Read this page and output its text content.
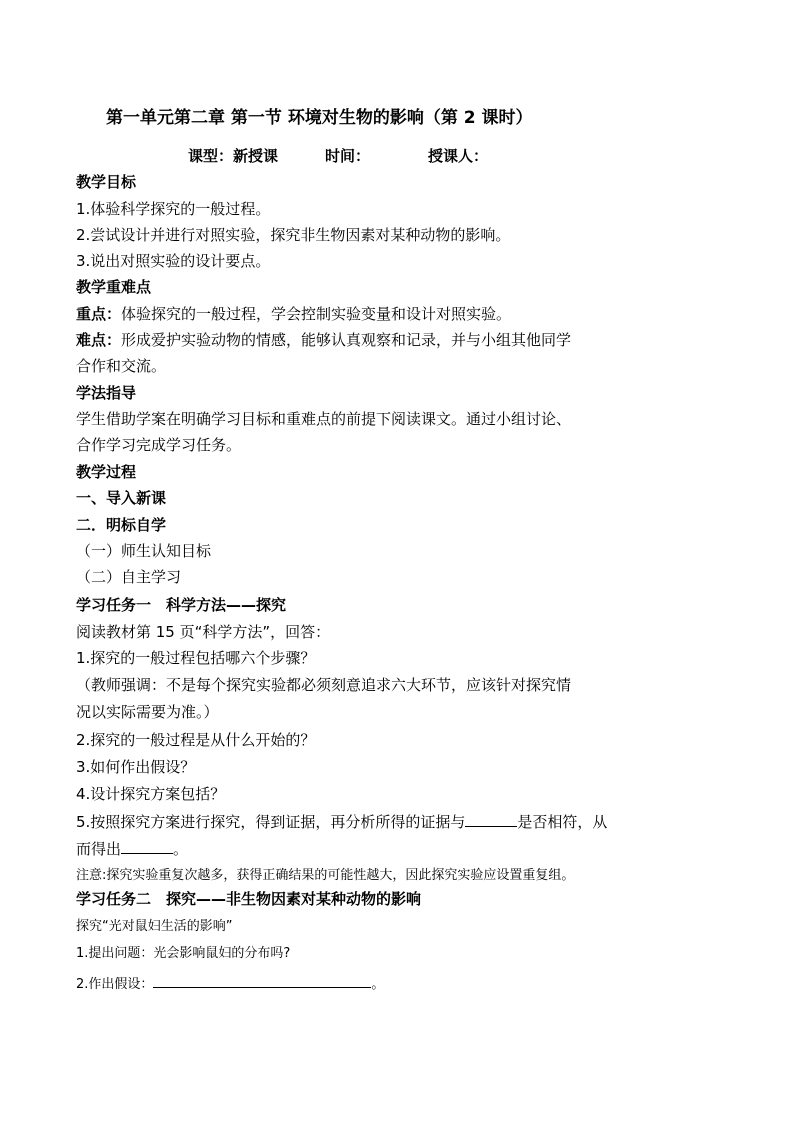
第一单元第二章 第一节 环境对生物的影响（第 2 课时）
课型：新授课	时间：	授课人：
教学目标
1.体验科学探究的一般过程。
2.尝试设计并进行对照实验，探究非生物因素对某种动物的影响。
3.说出对照实验的设计要点。
教学重难点
重点：体验探究的一般过程，学会控制实验变量和设计对照实验。
难点：形成爱护实验动物的情感，能够认真观察和记录，并与小组其他同学
合作和交流。
学法指导
学生借助学案在明确学习目标和重难点的前提下阅读课文。通过小组讨论、
合作学习完成学习任务。
教学过程
一、导入新课
二．明标自学
（一）师生认知目标
（二）自主学习
学习任务一　科学方法——探究
阅读教材第 15 页“科学方法”，回答：
1.探究的一般过程包括哪六个步骤？
（教师强调：不是每个探究实验都必须刻意追求六大环节，应该针对探究情
况以实际需要为准。）
2.探究的一般过程是从什么开始的？
3.如何作出假设？
4.设计探究方案包括？
5.按照探究方案进行探究，得到证据，再分析所得的证据与	是否相符，从
而得出	。
注意:探究实验重复次越多，获得正确结果的可能性越大，因此探究实验应设置重复组。
学习任务二　探究——非生物因素对某种动物的影响
探究“光对鼠妇生活的影响”
1.提出问题：光会影响鼠妇的分布吗?
2.作出假设：	。
